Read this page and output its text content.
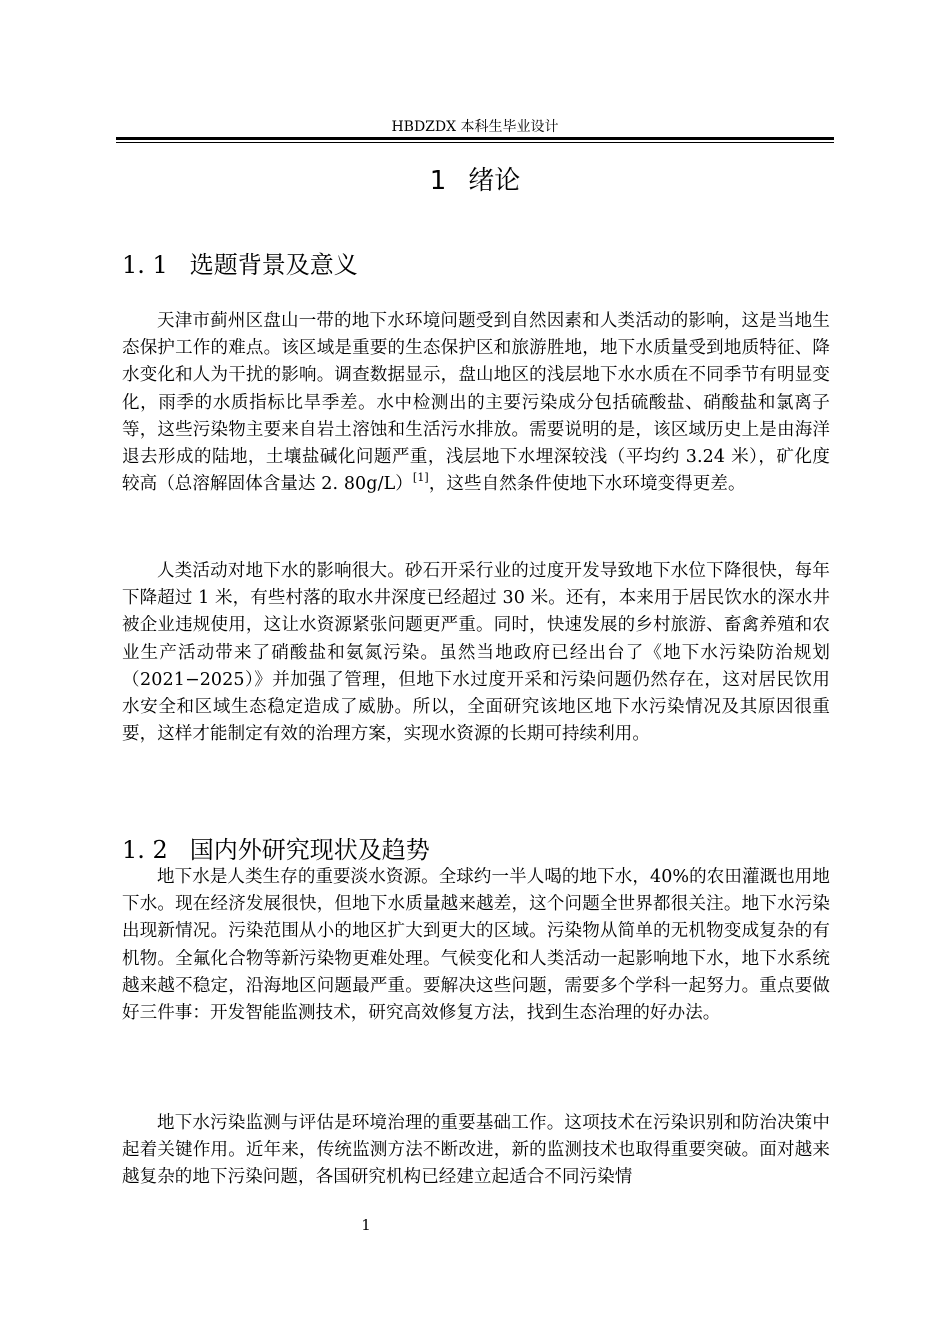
HBDZDX 本科生毕业设计
1 绪论
1. 1 选题背景及意义

天津市蓟州区盘山一带的地下水环境问题受到自然因素和人类活动的影响，这是当地生态保护工作的难点。该区域是重要的生态保护区和旅游胜地，地下水质量受到地质特征、降水变化和人为干扰的影响。调查数据显示，盘山地区的浅层地下水水质在不同季节有明显变化，雨季的水质指标比旱季差。水中检测出的主要污染成分包括硫酸盐、硝酸盐和氯离子等，这些污染物主要来自岩土溶蚀和生活污水排放。需要说明的是，该区域历史上是由海洋退去形成的陆地，土壤盐碱化问题严重，浅层地下水埋深较浅（平均约 3.24 米），矿化度较高（总溶解固体含量达 2. 80g/L）[1]，这些自然条件使地下水环境变得更差。

人类活动对地下水的影响很大。砂石开采行业的过度开发导致地下水位下降很快，每年下降超过 1 米，有些村落的取水井深度已经超过 30 米。还有，本来用于居民饮水的深水井被企业违规使用，这让水资源紧张问题更严重。同时，快速发展的乡村旅游、畜禽养殖和农业生产活动带来了硝酸盐和氨氮污染。虽然当地政府已经出台了《地下水污染防治规划（2021−2025）》并加强了管理，但地下水过度开采和污染问题仍然存在，这对居民饮用水安全和区域生态稳定造成了威胁。所以，全面研究该地区地下水污染情况及其原因很重要，这样才能制定有效的治理方案，实现水资源的长期可持续利用。

1. 2 国内外研究现状及趋势

地下水是人类生存的重要淡水资源。全球约一半人喝的地下水，40%的农田灌溉也用地下水。现在经济发展很快，但地下水质量越来越差，这个问题全世界都很关注。地下水污染出现新情况。污染范围从小的地区扩大到更大的区域。污染物从简单的无机物变成复杂的有机物。全氟化合物等新污染物更难处理。气候变化和人类活动一起影响地下水，地下水系统越来越不稳定，沿海地区问题最严重。要解决这些问题，需要多个学科一起努力。重点要做好三件事：开发智能监测技术，研究高效修复方法，找到生态治理的好办法。

地下水污染监测与评估是环境治理的重要基础工作。这项技术在污染识别和防治决策中起着关键作用。近年来，传统监测方法不断改进，新的监测技术也取得重要突破。面对越来越复杂的地下污染问题，各国研究机构已经建立起适合不同污染情

1
